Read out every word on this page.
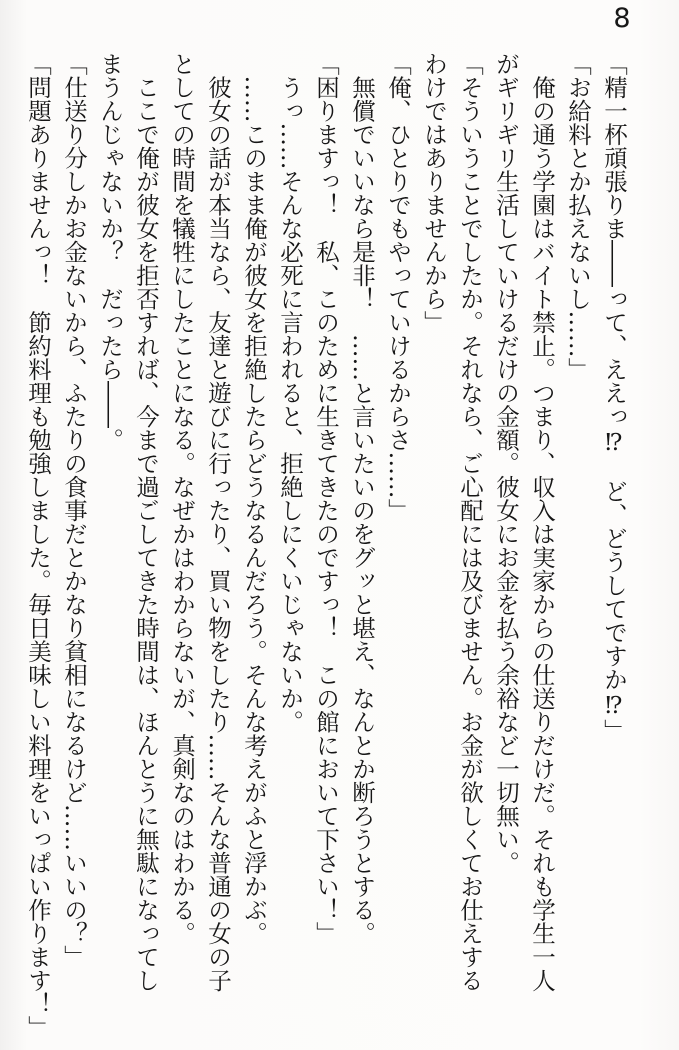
8

「精一杯頑張りま――って、ええっ⁉　ど、どうしてですか⁉」

「お給料とか払えないし……」

　俺の通う学園はバイト禁止。つまり、収入は実家からの仕送りだけだ。それも学生一人

がギリギリ生活していけるだけの金額。彼女にお金を払う余裕など一切無い。

「そういうことでしたか。それなら、ご心配には及びません。お金が欲しくてお仕えする

わけではありませんから」

「俺、ひとりでもやっていけるからさ……」

　無償でいいなら是非！　……と言いたいのをグッと堪え、なんとか断ろうとする。

「困りますっ！　私、このために生きてきたのですっ！　この館において下さい！」

　うっ……そんな必死に言われると、拒絶しにくいじゃないか。

　……このまま俺が彼女を拒絶したらどうなるんだろう。そんな考えがふと浮かぶ。

　彼女の話が本当なら、友達と遊びに行ったり、買い物をしたり……そんな普通の女の子

としての時間を犠牲にしたことになる。なぜかはわからないが、真剣なのはわかる。

　ここで俺が彼女を拒否すれば、今まで過ごしてきた時間は、ほんとうに無駄になってし

まうんじゃないか？　だったら――。

「仕送り分しかお金ないから、ふたりの食事だとかなり貧相になるけど……いいの？」

「問題ありませんっ！　節約料理も勉強しました。毎日美味しい料理をいっぱい作ります！」
